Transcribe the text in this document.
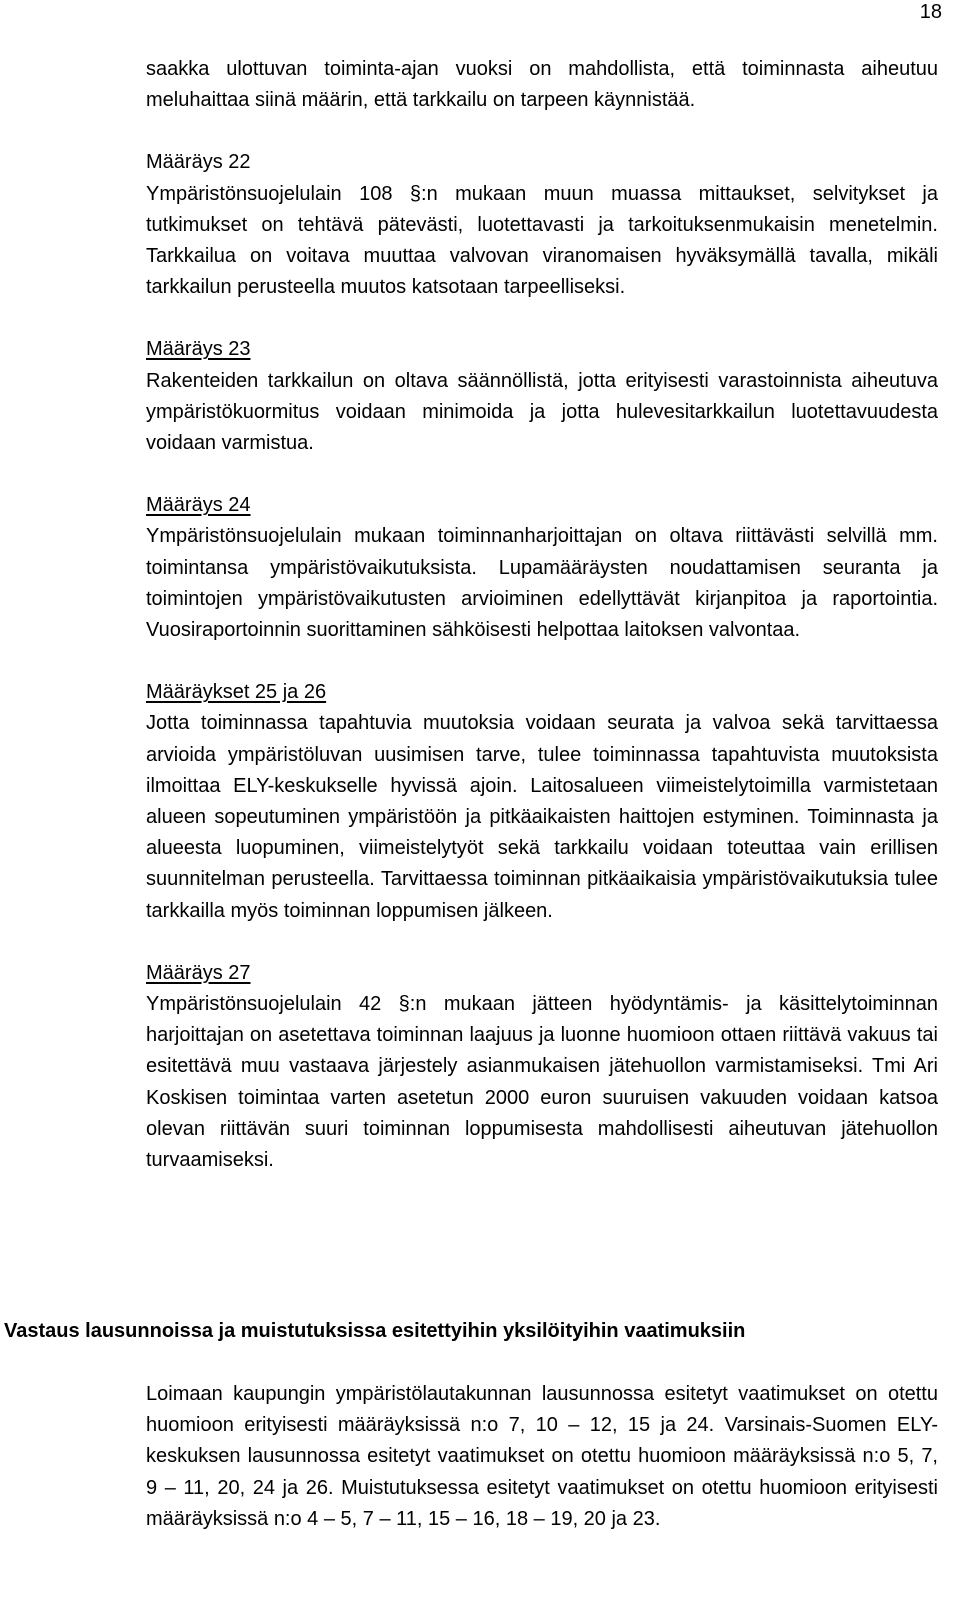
18

saakka ulottuvan toiminta-ajan vuoksi on mahdollista, että toiminnasta aiheutuu meluhaittaa siinä määrin, että tarkkailu on tarpeen käynnistää.

Määräys 22

Ympäristönsuojelulain 108 §:n mukaan muun muassa mittaukset, selvitykset ja tutkimukset on tehtävä pätevästi, luotettavasti ja tarkoituksenmukaisin menetelmin. Tarkkailua on voitava muuttaa valvovan viranomaisen hyväksymällä tavalla, mikäli tarkkailun perusteella muutos katsotaan tarpeelliseksi.

Määräys 23

Rakenteiden tarkkailun on oltava säännöllistä, jotta erityisesti varastoinnista aiheutuva ympäristökuormitus voidaan minimoida ja jotta hulevesitarkkailun luotettavuudesta voidaan varmistua.

Määräys 24

Ympäristönsuojelulain mukaan toiminnanharjoittajan on oltava riittävästi selvillä mm. toimintansa ympäristövaikutuksista. Lupamääräysten noudattamisen seuranta ja toimintojen ympäristövaikutusten arvioiminen edellyttävät kirjanpitoa ja raportointia. Vuosiraportoinnin suorittaminen sähköisesti helpottaa laitoksen valvontaa.

Määräykset 25 ja 26

Jotta toiminnassa tapahtuvia muutoksia voidaan seurata ja valvoa sekä tarvittaessa arvioida ympäristöluvan uusimisen tarve, tulee toiminnassa tapahtuvista muutoksista ilmoittaa ELY-keskukselle hyvissä ajoin. Laitosalueen viimeistelytoimilla varmistetaan alueen sopeutuminen ympäristöön ja pitkäaikaisten haittojen estyminen. Toiminnasta ja alueesta luopuminen, viimeistelytyöt sekä tarkkailu voidaan toteuttaa vain erillisen suunnitelman perusteella. Tarvittaessa toiminnan pitkäaikaisia ympäristövaikutuksia tulee tarkkailla myös toiminnan loppumisen jälkeen.

Määräys 27

Ympäristönsuojelulain 42 §:n mukaan jätteen hyödyntämis- ja käsittelytoiminnan harjoittajan on asetettava toiminnan laajuus ja luonne huomioon ottaen riittävä vakuus tai esitettävä muu vastaava järjestely asianmukaisen jätehuollon varmistamiseksi. Tmi Ari Koskisen toimintaa varten asetetun 2000 euron suuruisen vakuuden voidaan katsoa olevan riittävän suuri toiminnan loppumisesta mahdollisesti aiheutuvan jätehuollon turvaamiseksi.

Vastaus lausunnoissa ja muistutuksissa esitettyihin yksilöityihin vaatimuksiin

Loimaan kaupungin ympäristölautakunnan lausunnossa esitetyt vaatimukset on otettu huomioon erityisesti määräyksissä n:o 7, 10 – 12, 15 ja 24. Varsinais-Suomen ELY-keskuksen lausunnossa esitetyt vaatimukset on otettu huomioon määräyksissä n:o 5, 7, 9 – 11, 20, 24 ja 26. Muistutuksessa esitetyt vaatimukset on otettu huomioon erityisesti määräyksissä n:o 4 – 5, 7 – 11, 15 – 16, 18 – 19, 20 ja 23.
